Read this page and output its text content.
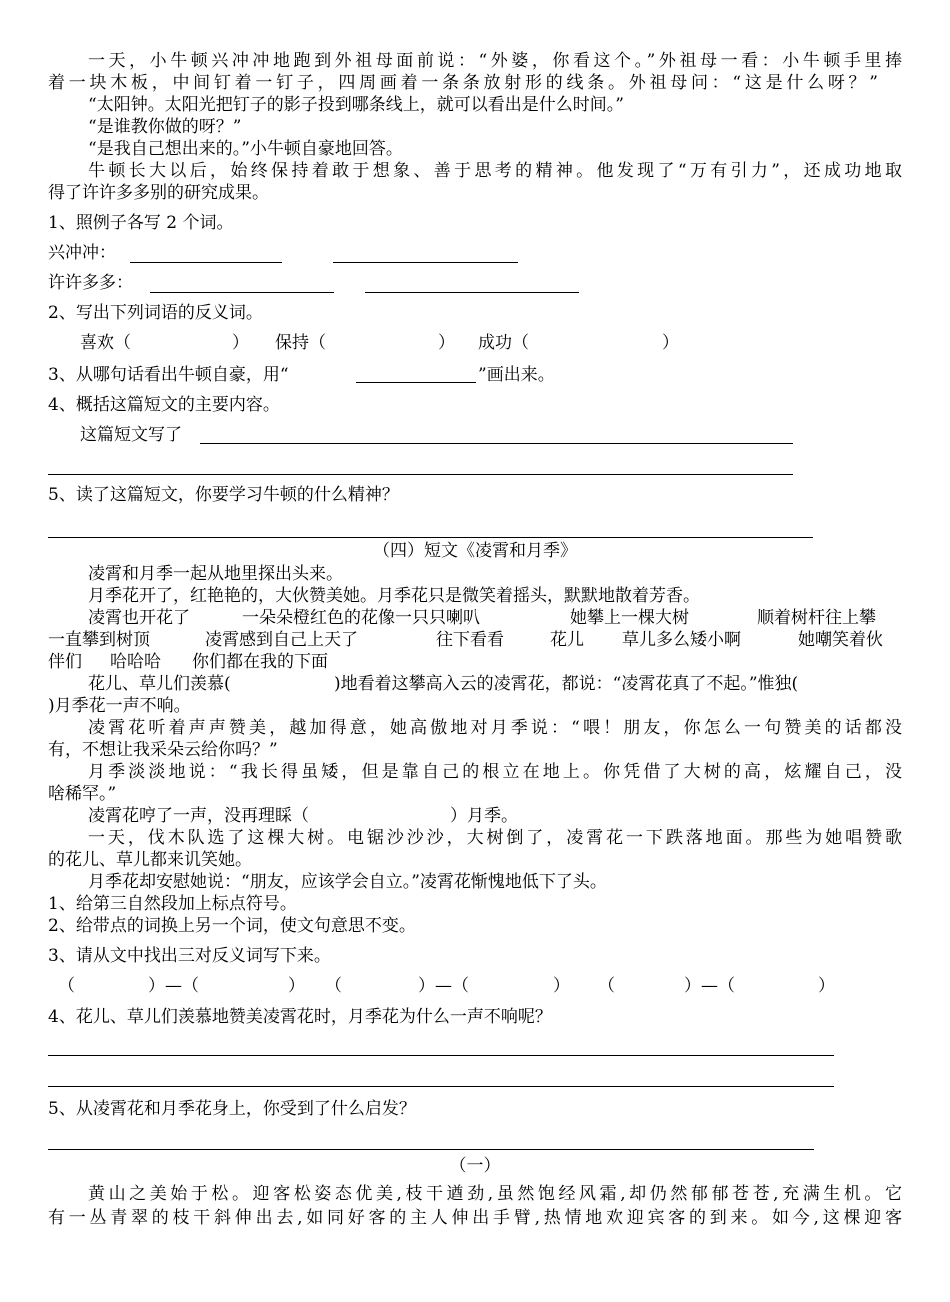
一天，小牛顿兴冲冲地跑到外祖母面前说：“外婆，你看这个。”外祖母一看：小牛顿手里捧
着一块木板，中间钉着一钉子，四周画着一条条放射形的线条。外祖母问：“这是什么呀？”
“太阳钟。太阳光把钉子的影子投到哪条线上，就可以看出是什么时间。”
“是谁教你做的呀？”
“是我自己想出来的。”小牛顿自豪地回答。
牛顿长大以后，始终保持着敢于想象、善于思考的精神。他发现了“万有引力”，还成功地取
得了许许多多别的研究成果。
1、照例子各写 2 个词。
兴冲冲：
许许多多：
2、写出下列词语的反义词。
喜欢（	） 保持（	） 成功（	）
3、从哪句话看出牛顿自豪，用“	”画出来。
4、概括这篇短文的主要内容。
这篇短文写了
5、读了这篇短文，你要学习牛顿的什么精神？
（四）短文《凌霄和月季》
凌霄和月季一起从地里探出头来。
月季花开了，红艳艳的，大伙赞美她。月季花只是微笑着摇头，默默地散着芳香。
凌霄也开花了	一朵朵橙红色的花像一只只喇叭	她攀上一棵大树	顺着树杆往上攀
一直攀到树顶	凌霄感到自己上天了	往下看看	花儿 草儿多么矮小啊	她嘲笑着伙
伴们 哈哈哈 你们都在我的下面
花儿、草儿们羡慕(	)地看着这攀高入云的凌霄花，都说：“凌霄花真了不起。”惟独(
)月季花一声不响。
凌霄花听着声声赞美，越加得意，她高傲地对月季说：“喂！朋友，你怎么一句赞美的话都没
有，不想让我采朵云给你吗？”
月季淡淡地说：“我长得虽矮，但是靠自己的根立在地上。你凭借了大树的高，炫耀自己，没
啥稀罕。”
凌霄花哼了一声，没再理睬（	）月季。
一天，伐木队选了这棵大树。电锯沙沙沙，大树倒了，凌霄花一下跌落地面。那些为她唱赞歌
的花儿、草儿都来讥笑她。
月季花却安慰她说：“朋友，应该学会自立。”凌霄花惭愧地低下了头。
1、给第三自然段加上标点符号。
2、给带点的词换上另一个词，使文句意思不变。
3、请从文中找出三对反义词写下来。
（	）—（	） （	）—（	） （	）—（	）
4、花儿、草儿们羡慕地赞美凌霄花时，月季花为什么一声不响呢？
5、从凌霄花和月季花身上，你受到了什么启发？
（一）
黄山之美始于松。迎客松姿态优美,枝干遒劲,虽然饱经风霜,却仍然郁郁苍苍,充满生机。它
有一丛青翠的枝干斜伸出去,如同好客的主人伸出手臂,热情地欢迎宾客的到来。如今,这棵迎客
